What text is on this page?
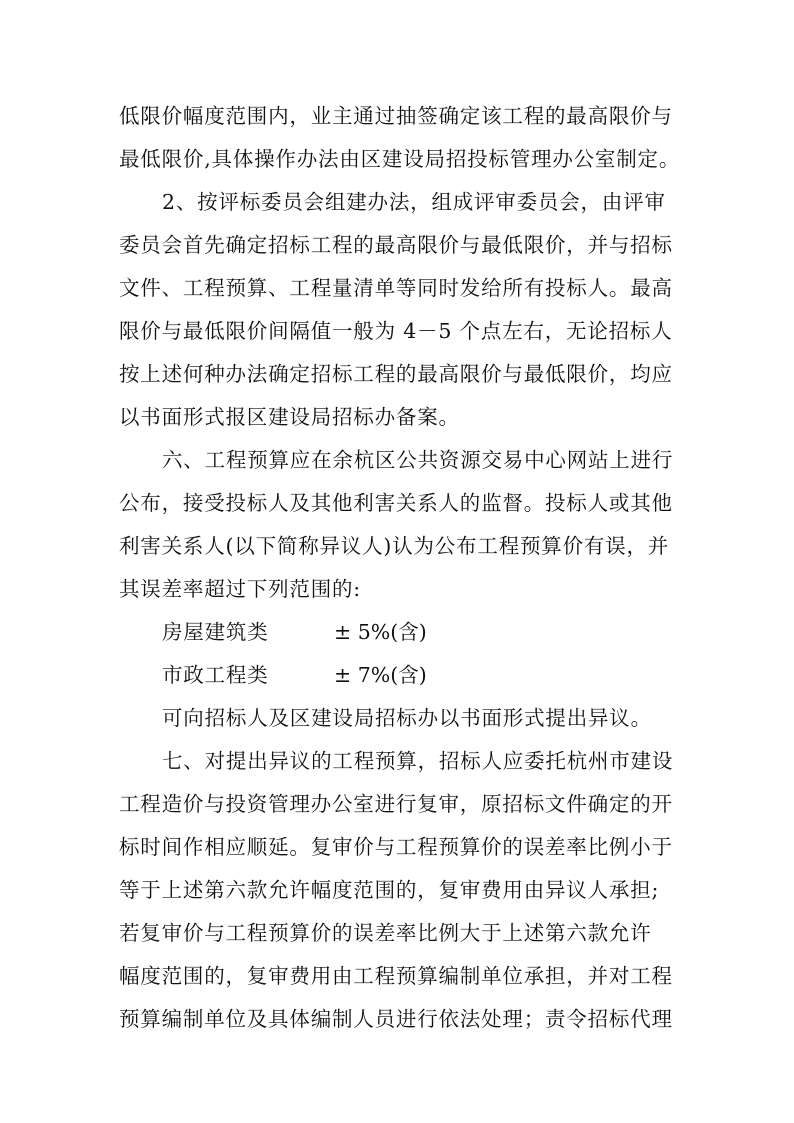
低限价幅度范围内，业主通过抽签确定该工程的最高限价与
最低限价,具体操作办法由区建设局招投标管理办公室制定。
2、按评标委员会组建办法，组成评审委员会，由评审
委员会首先确定招标工程的最高限价与最低限价，并与招标
文件、工程预算、工程量清单等同时发给所有投标人。最高
限价与最低限价间隔值一般为 4－5 个点左右，无论招标人
按上述何种办法确定招标工程的最高限价与最低限价，均应
以书面形式报区建设局招标办备案。
六、工程预算应在余杭区公共资源交易中心网站上进行
公布，接受投标人及其他利害关系人的监督。投标人或其他
利害关系人(以下简称异议人)认为公布工程预算价有误，并
其误差率超过下列范围的:
房屋建筑类	± 5%(含)
市政工程类	± 7%(含)
可向招标人及区建设局招标办以书面形式提出异议。
七、对提出异议的工程预算，招标人应委托杭州市建设
工程造价与投资管理办公室进行复审，原招标文件确定的开
标时间作相应顺延。复审价与工程预算价的误差率比例小于
等于上述第六款允许幅度范围的，复审费用由异议人承担;
若复审价与工程预算价的误差率比例大于上述第六款允许
幅度范围的，复审费用由工程预算编制单位承担，并对工程
预算编制单位及具体编制人员进行依法处理；责令招标代理
